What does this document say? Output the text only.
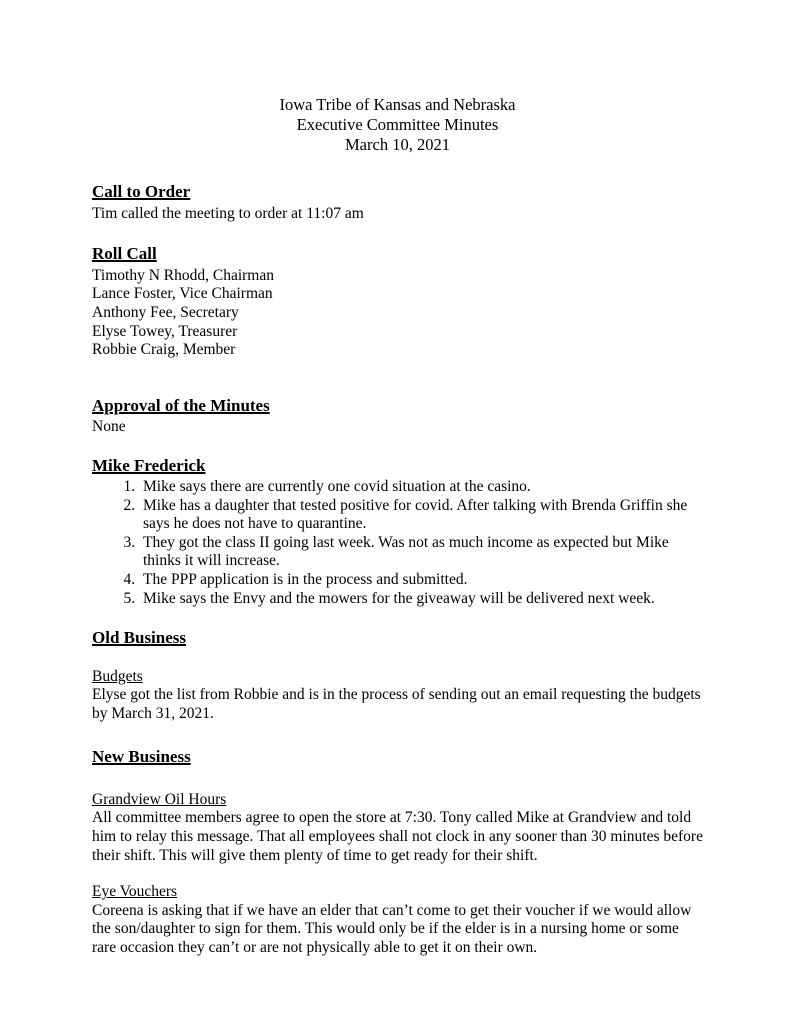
Iowa Tribe of Kansas and Nebraska
Executive Committee Minutes
March 10, 2021
Call to Order

Tim called the meeting to order at 11:07 am

Roll Call
Timothy N Rhodd, Chairman
Lance Foster, Vice Chairman
Anthony Fee, Secretary
Elyse Towey, Treasurer
Robbie Craig, Member
Approval of the Minutes

None

Mike Frederick
1. Mike says there are currently one covid situation at the casino.
2. Mike has a daughter that tested positive for covid. After talking with Brenda Griffin she says he does not have to quarantine.
3. They got the class II going last week. Was not as much income as expected but Mike thinks it will increase.
4. The PPP application is in the process and submitted.
5. Mike says the Envy and the mowers for the giveaway will be delivered next week.
Old Business
Budgets

Elyse got the list from Robbie and is in the process of sending out an email requesting the budgets by March 31, 2021.

New Business
Grandview Oil Hours

All committee members agree to open the store at 7:30. Tony called Mike at Grandview and told him to relay this message. That all employees shall not clock in any sooner than 30 minutes before their shift. This will give them plenty of time to get ready for their shift.

Eye Vouchers

Coreena is asking that if we have an elder that can’t come to get their voucher if we would allow the son/daughter to sign for them. This would only be if the elder is in a nursing home or some rare occasion they can’t or are not physically able to get it on their own.
